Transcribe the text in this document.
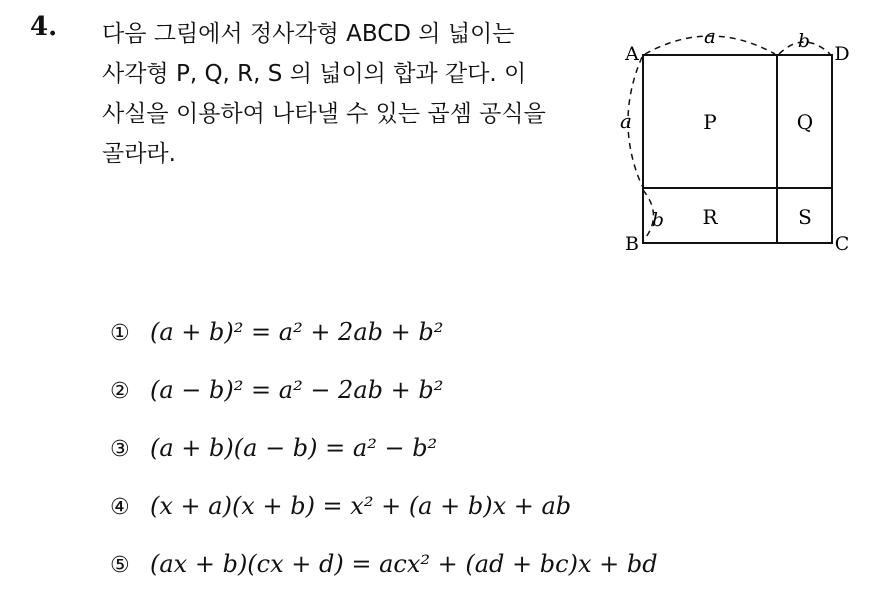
4. 다음 그림에서 정사각형 ABCD 의 넓이는
사각형 P, Q, R, S 의 넓이의 합과 같다. 이
사실을 이용하여 나타낼 수 있는 곱셈 공식을
골라라.
a	b
a
b
A
B	C
D
P	Q
R	S
① (a + b)² = a² + 2ab + b²
② (a − b)² = a² − 2ab + b²
③ (a + b)(a − b) = a² − b²
④ (x + a)(x + b) = x² + (a + b)x + ab
⑤ (ax + b)(cx + d) = acx² + (ad + bc)x + bd
